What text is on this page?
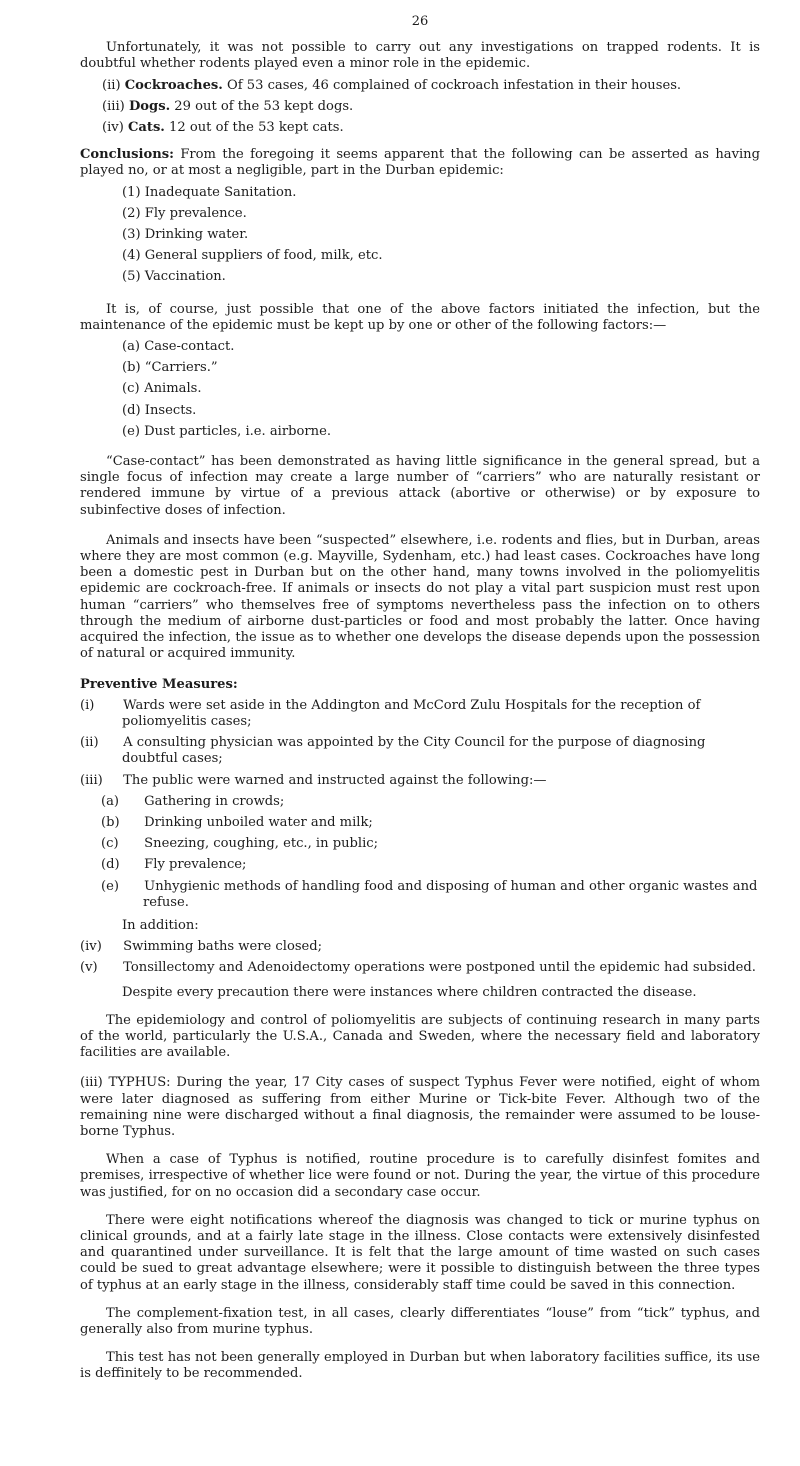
26

Unfortunately, it was not possible to carry out any investigations on trapped rodents. It is doubtful whether rodents played even a minor role in the epidemic.

(ii) Cockroaches. Of 53 cases, 46 complained of cockroach infestation in their houses.
(iii) Dogs. 29 out of the 53 kept dogs.
(iv) Cats. 12 out of the 53 kept cats.

Conclusions: From the foregoing it seems apparent that the following can be asserted as having played no, or at most a negligible, part in the Durban epidemic:

(1) Inadequate Sanitation.
(2) Fly prevalence.
(3) Drinking water.
(4) General suppliers of food, milk, etc.
(5) Vaccination.

It is, of course, just possible that one of the above factors initiated the infection, but the maintenance of the epidemic must be kept up by one or other of the following factors:—

(a) Case-contact.
(b) “Carriers.”
(c) Animals.
(d) Insects.
(e) Dust particles, i.e. airborne.

“Case-contact” has been demonstrated as having little significance in the general spread, but a single focus of infection may create a large number of “carriers” who are naturally resistant or rendered immune by virtue of a previous attack (abortive or otherwise) or by exposure to subinfective doses of infection.

Animals and insects have been “suspected” elsewhere, i.e. rodents and flies, but in Durban, areas where they are most common (e.g. Mayville, Sydenham, etc.) had least cases. Cockroaches have long been a domestic pest in Durban but on the other hand, many towns involved in the poliomyelitis epidemic are cockroach-free. If animals or insects do not play a vital part suspicion must rest upon human “carriers” who themselves free of symptoms nevertheless pass the infection on to others through the medium of airborne dust-particles or food and most probably the latter. Once having acquired the infection, the issue as to whether one develops the disease depends upon the possession of natural or acquired immunity.

Preventive Measures:

(i) Wards were set aside in the Addington and McCord Zulu Hospitals for the reception of poliomyelitis cases;
(ii) A consulting physician was appointed by the City Council for the purpose of diagnosing doubtful cases;
(iii) The public were warned and instructed against the following:—
(a) Gathering in crowds;
(b) Drinking unboiled water and milk;
(c) Sneezing, coughing, etc., in public;
(d) Fly prevalence;
(e) Unhygienic methods of handling food and disposing of human and other organic wastes and refuse.

In addition:

(iv) Swimming baths were closed;
(v) Tonsillectomy and Adenoidectomy operations were postponed until the epidemic had subsided.

Despite every precaution there were instances where children contracted the disease.

The epidemiology and control of poliomyelitis are subjects of continuing research in many parts of the world, particularly the U.S.A., Canada and Sweden, where the necessary field and laboratory facilities are available.

(iii) TYPHUS: During the year, 17 City cases of suspect Typhus Fever were notified, eight of whom were later diagnosed as suffering from either Murine or Tick-bite Fever. Although two of the remaining nine were discharged without a final diagnosis, the remainder were assumed to be louse-borne Typhus.

When a case of Typhus is notified, routine procedure is to carefully disinfest fomites and premises, irrespective of whether lice were found or not. During the year, the virtue of this procedure was justified, for on no occasion did a secondary case occur.

There were eight notifications whereof the diagnosis was changed to tick or murine typhus on clinical grounds, and at a fairly late stage in the illness. Close contacts were extensively disinfested and quarantined under surveillance. It is felt that the large amount of time wasted on such cases could be sued to great advantage elsewhere; were it possible to distinguish between the three types of typhus at an early stage in the illness, considerably staff time could be saved in this connection.

The complement-fixation test, in all cases, clearly differentiates “louse” from “tick” typhus, and generally also from murine typhus.

This test has not been generally employed in Durban but when laboratory facilities suffice, its use is deffinitely to be recommended.
